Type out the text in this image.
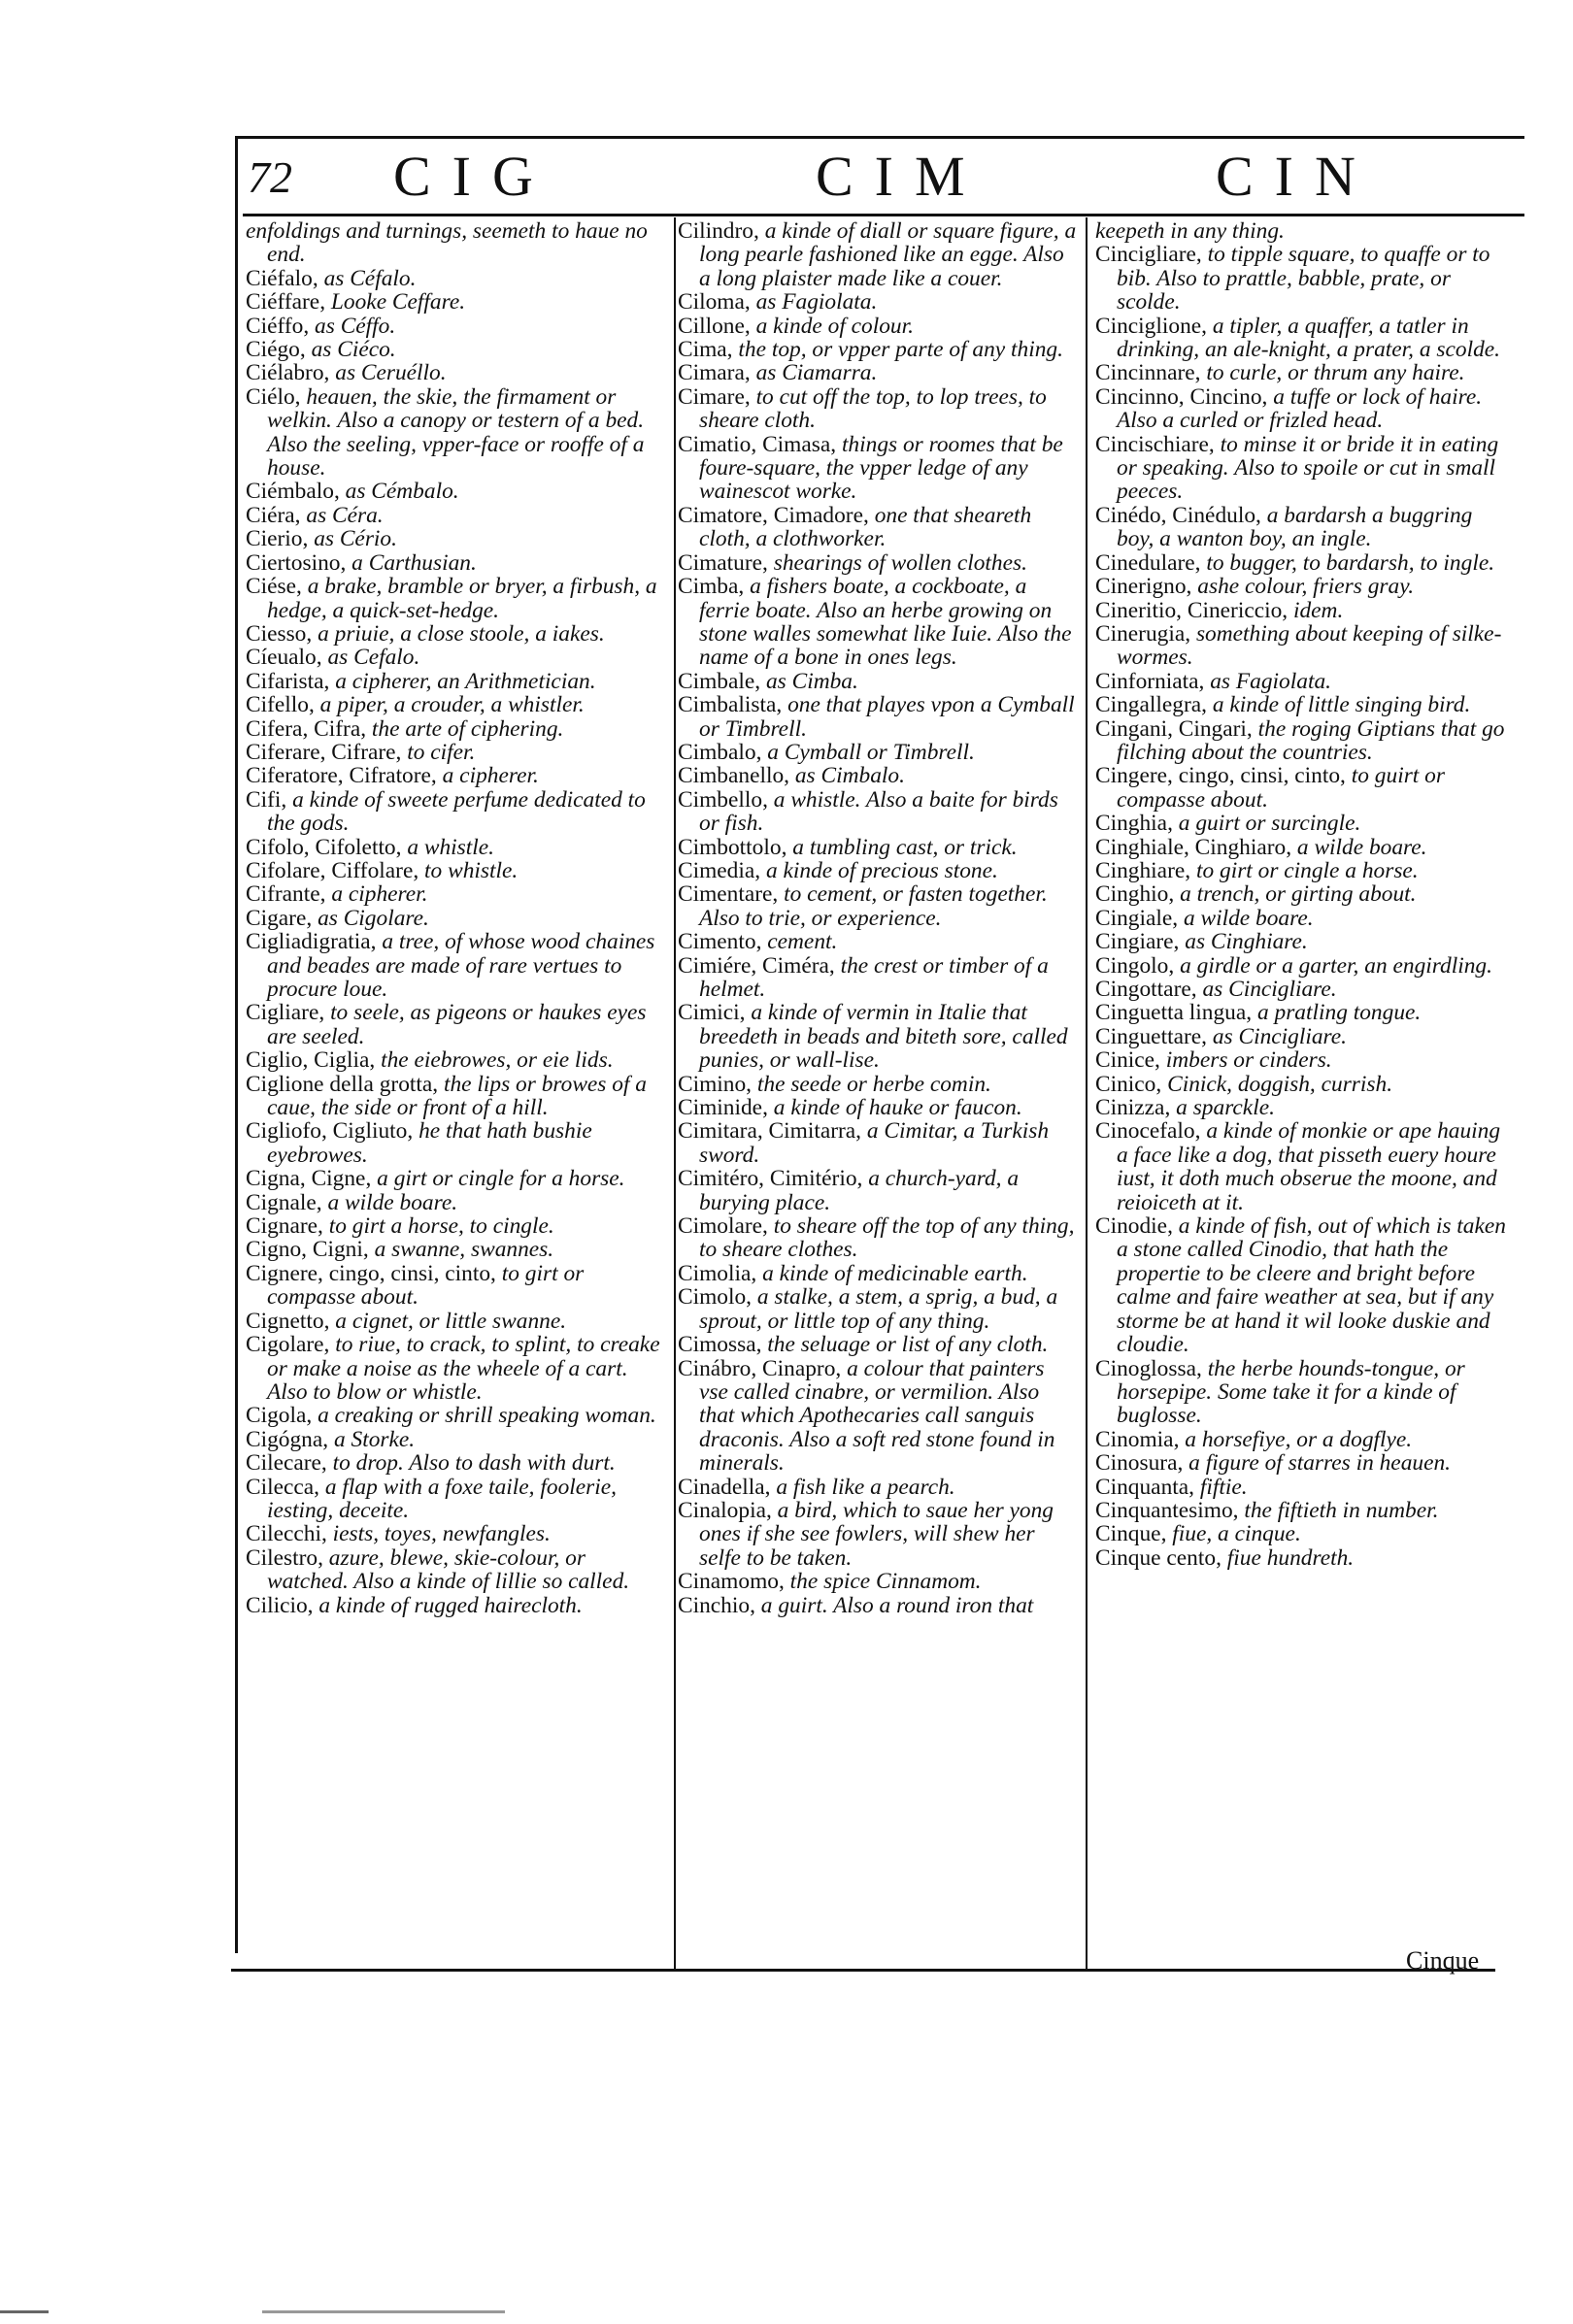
72 CIG	CIM	CIN

enfoldings and turnings, seemeth to haue no end.

Ciéfalo, as Céfalo.

Ciéffare, Looke Ceffare.

Ciéffo, as Céffo.

Ciégo, as Ciéco.

Ciélabro, as Ceruéllo.

Ciélo, heauen, the skie, the firmament or welkin. Also a canopy or testern of a bed. Also the seeling, vpper-face or rooffe of a house.

Ciémbalo, as Cémbalo.

Ciéra, as Céra.

Cierio, as Cério.

Ciertosino, a Carthusian.

Ciése, a brake, bramble or bryer, a firbush, a hedge, a quick-set-hedge.

Ciesso, a priuie, a close stoole, a iakes.

Cíeualo, as Cefalo.

Cifarista, a cipherer, an Arithmetician.

Cifello, a piper, a crouder, a whistler.

Cifera, Cifra, the arte of ciphering.

Ciferare, Cifrare, to cifer.

Ciferatore, Cifratore, a cipherer.

Cifi, a kinde of sweete perfume dedicated to the gods.

Cifolo, Cifoletto, a whistle.

Cifolare, Ciffolare, to whistle.

Cifrante, a cipherer.

Cigare, as Cigolare.

Cigliadigratia, a tree, of whose wood chaines and beades are made of rare vertues to procure loue.

Cigliare, to seele, as pigeons or haukes eyes are seeled.

Ciglio, Ciglia, the eiebrowes, or eie lids.

Ciglione della grotta, the lips or browes of a caue, the side or front of a hill.

Cigliofo, Cigliuto, he that hath bushie eyebrowes.

Cigna, Cigne, a girt or cingle for a horse.

Cignale, a wilde boare.

Cignare, to girt a horse, to cingle.

Cigno, Cigni, a swanne, swannes.

Cignere, cingo, cinsi, cinto, to girt or compasse about.

Cignetto, a cignet, or little swanne.

Cigolare, to riue, to crack, to splint, to creake or make a noise as the wheele of a cart. Also to blow or whistle.

Cigola, a creaking or shrill speaking woman.

Cigógna, a Storke.

Cilecare, to drop. Also to dash with durt.

Cilecca, a flap with a foxe taile, foolerie, iesting, deceite.

Cilecchi, iests, toyes, newfangles.

Cilestro, azure, blewe, skie-colour, or watched. Also a kinde of lillie so called.

Cilicio, a kinde of rugged hairecloth.

Cilindro, a kinde of diall or square figure, a long pearle fashioned like an egge. Also a long plaister made like a couer.

Ciloma, as Fagiolata.

Cillone, a kinde of colour.

Cima, the top, or vpper parte of any thing.

Cimara, as Ciamarra.

Cimare, to cut off the top, to lop trees, to sheare cloth.

Cimatio, Cimasa, things or roomes that be foure-square, the vpper ledge of any wainescot worke.

Cimatore, Cimadore, one that sheareth cloth, a clothworker.

Cimature, shearings of wollen clothes.

Cimba, a fishers boate, a cockboate, a ferrie boate. Also an herbe growing on stone walles somewhat like Iuie. Also the name of a bone in ones legs.

Cimbale, as Cimba.

Cimbalista, one that playes vpon a Cymball or Timbrell.

Cimbalo, a Cymball or Timbrell.

Cimbanello, as Cimbalo.

Cimbello, a whistle. Also a baite for birds or fish.

Cimbottolo, a tumbling cast, or trick.

Cimedia, a kinde of precious stone.

Cimentare, to cement, or fasten together. Also to trie, or experience.

Cimento, cement.

Cimiére, Ciméra, the crest or timber of a helmet.

Cimici, a kinde of vermin in Italie that breedeth in beads and biteth sore, called punies, or wall-lise.

Cimino, the seede or herbe comin.

Ciminide, a kinde of hauke or faucon.

Cimitara, Cimitarra, a Cimitar, a Turkish sword.

Cimitéro, Cimitério, a church-yard, a burying place.

Cimolare, to sheare off the top of any thing, to sheare clothes.

Cimolia, a kinde of medicinable earth.

Cimolo, a stalke, a stem, a sprig, a bud, a sprout, or little top of any thing.

Cimossa, the seluage or list of any cloth.

Cinábro, Cinapro, a colour that painters vse called cinabre, or vermilion. Also that which Apothecaries call sanguis draconis. Also a soft red stone found in minerals.

Cinadella, a fish like a pearch.

Cinalopia, a bird, which to saue her yong ones if she see fowlers, will shew her selfe to be taken.

Cinamomo, the spice Cinnamom.

Cinchio, a guirt. Also a round iron that

keepeth in any thing.

Cincigliare, to tipple square, to quaffe or to bib. Also to prattle, babble, prate, or scolde.

Cinciglione, a tipler, a quaffer, a tatler in drinking, an ale-knight, a prater, a scolde.

Cincinnare, to curle, or thrum any haire.

Cincinno, Cincino, a tuffe or lock of haire. Also a curled or frizled head.

Cincischiare, to minse it or bride it in eating or speaking. Also to spoile or cut in small peeces.

Cinédo, Cinédulo, a bardarsh a buggring boy, a wanton boy, an ingle.

Cinedulare, to bugger, to bardarsh, to ingle.

Cinerigno, ashe colour, friers gray.

Cineritio, Cinericcio, idem.

Cinerugia, something about keeping of silke-wormes.

Cinforniata, as Fagiolata.

Cingallegra, a kinde of little singing bird.

Cingani, Cingari, the roging Giptians that go filching about the countries.

Cingere, cingo, cinsi, cinto, to guirt or compasse about.

Cinghia, a guirt or surcingle.

Cinghiale, Cinghiaro, a wilde boare.

Cinghiare, to girt or cingle a horse.

Cinghio, a trench, or girting about.

Cingiale, a wilde boare.

Cingiare, as Cinghiare.

Cingolo, a girdle or a garter, an engirdling.

Cingottare, as Cincigliare.

Cinguetta lingua, a pratling tongue.

Cinguettare, as Cincigliare.

Cinice, imbers or cinders.

Cinico, Cinick, doggish, currish.

Cinizza, a sparckle.

Cinocefalo, a kinde of monkie or ape hauing a face like a dog, that pisseth euery houre iust, it doth much obserue the moone, and reioiceth at it.

Cinodie, a kinde of fish, out of which is taken a stone called Cinodio, that hath the propertie to be cleere and bright before calme and faire weather at sea, but if any storme be at hand it wil looke duskie and cloudie.

Cinoglossa, the herbe hounds-tongue, or horsepipe. Some take it for a kinde of buglosse.

Cinomia, a horsefiye, or a dogflye.

Cinosura, a figure of starres in heauen.

Cinquanta, fiftie.

Cinquantesimo, the fiftieth in number.

Cinque, fiue, a cinque.

Cinque cento, fiue hundreth.

Cinque
